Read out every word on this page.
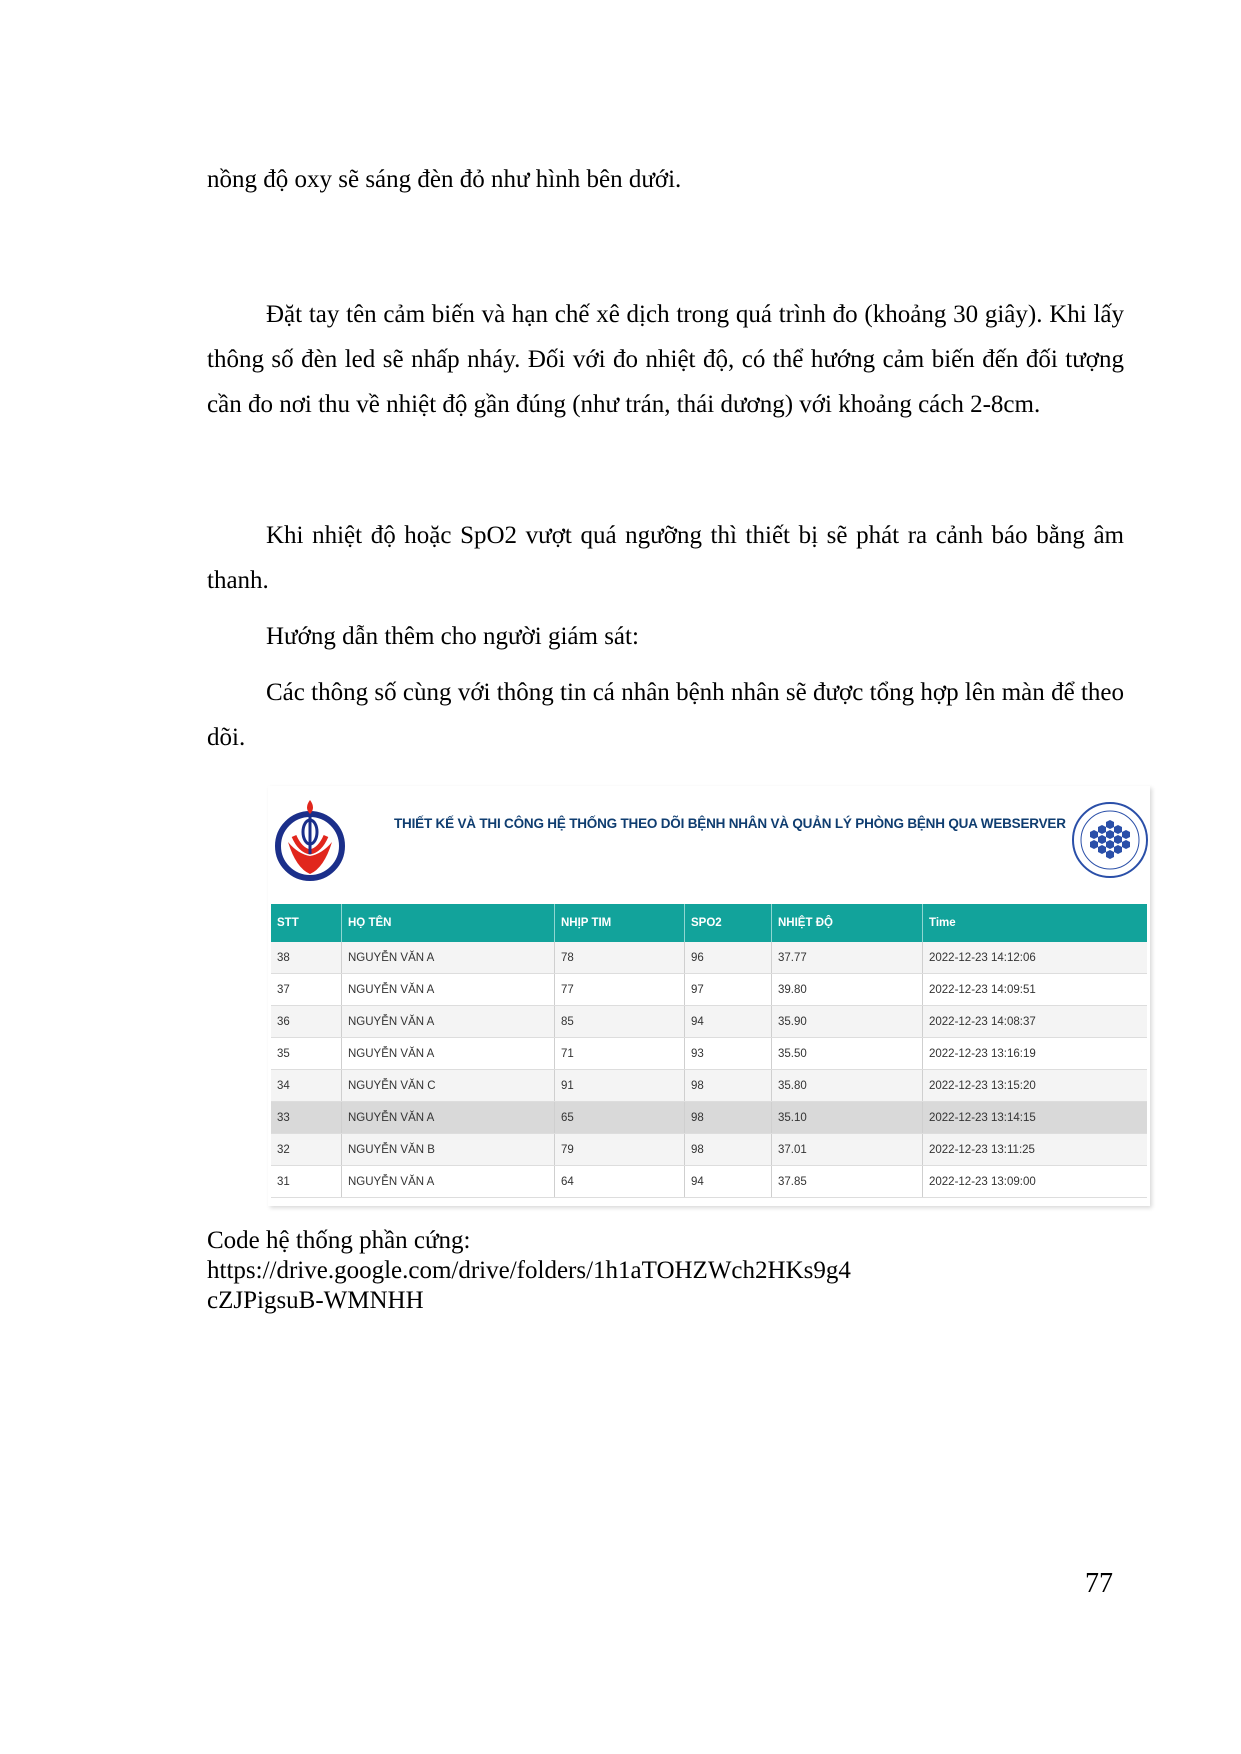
nồng độ oxy sẽ sáng đèn đỏ như hình bên dưới.

Đặt tay tên cảm biến và hạn chế xê dịch trong quá trình đo (khoảng 30 giây). Khi lấy thông số đèn led sẽ nhấp nháy. Đối với đo nhiệt độ, có thể hướng cảm biến đến đối tượng cần đo nơi thu về nhiệt độ gần đúng (như trán, thái dương) với khoảng cách 2-8cm.

Khi nhiệt độ hoặc SpO2 vượt quá ngưỡng thì thiết bị sẽ phát ra cảnh báo bằng âm thanh.

Hướng dẫn thêm cho người giám sát:

Các thông số cùng với thông tin cá nhân bệnh nhân sẽ được tổng hợp lên màn để theo dõi.

THIẾT KẾ VÀ THI CÔNG HỆ THỐNG THEO DÕI BỆNH NHÂN VÀ QUẢN LÝ PHÒNG BỆNH QUA WEBSERVER
STT	HỌ TÊN	NHỊP TIM	SPO2	NHIỆT ĐỘ	Time
38	NGUYỄN VĂN A	78	96	37.77	2022-12-23 14:12:06
37	NGUYỄN VĂN A	77	97	39.80	2022-12-23 14:09:51
36	NGUYỄN VĂN A	85	94	35.90	2022-12-23 14:08:37
35	NGUYỄN VĂN A	71	93	35.50	2022-12-23 13:16:19
34	NGUYỄN VĂN C	91	98	35.80	2022-12-23 13:15:20
33	NGUYỄN VĂN A	65	98	35.10	2022-12-23 13:14:15
32	NGUYỄN VĂN B	79	98	37.01	2022-12-23 13:11:25
31	NGUYỄN VĂN A	64	94	37.85	2022-12-23 13:09:00
Code hệ thống phần cứng:
https://drive.google.com/drive/folders/1h1aTOHZWch2HKs9g4
cZJPigsuB-WMNHH
77
